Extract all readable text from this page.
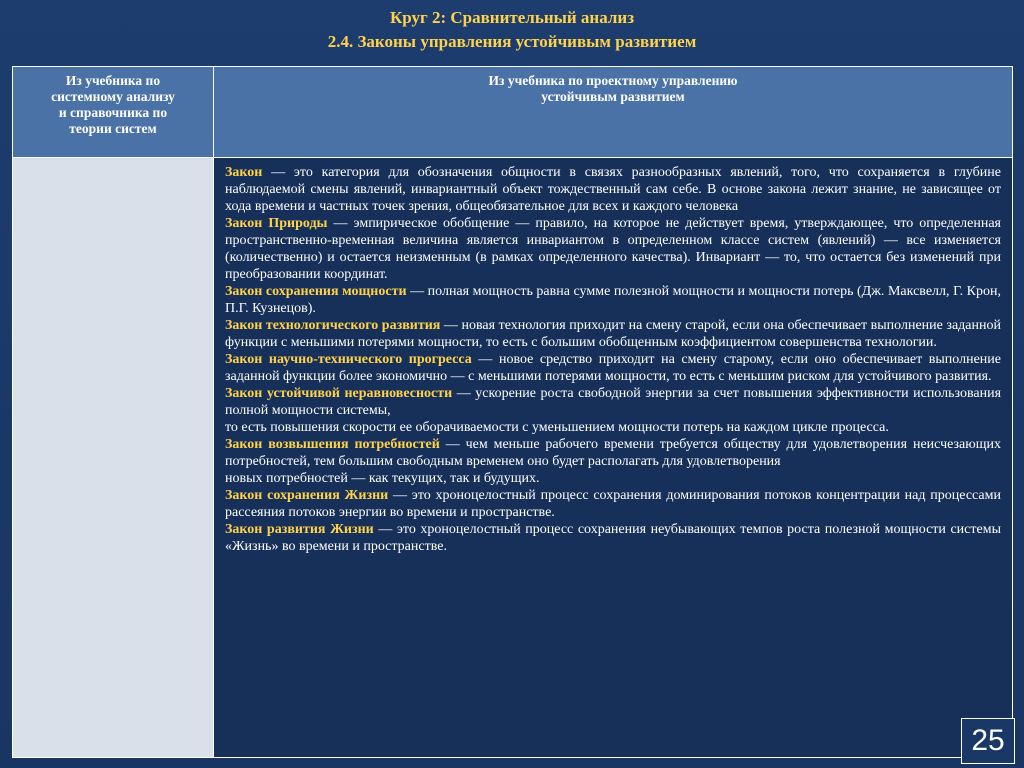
Круг 2: Сравнительный анализ
2.4. Законы управления устойчивым развитием
Из учебника по
системному анализу
и справочника по
теории систем
Из учебника по проектному управлению
устойчивым развитием

Закон — это категория для обозначения общности в связях разнообразных явлений, того, что сохраняется в глубине наблюдаемой смены явлений, инвариантный объект тождественный сам себе. В основе закона лежит знание, не зависящее от хода времени и частных точек зрения, общеобязательное для всех и каждого человека

Закон Природы — эмпирическое обобщение — правило, на которое не действует время, утверждающее, что определенная пространственно-временная величина является инвариантом в определенном классе систем (явлений) — все изменяется (количественно) и остается неизменным (в рамках определенного качества). Инвариант — то, что остается без изменений при преобразовании координат.

Закон сохранения мощности — полная мощность равна сумме полезной мощности и мощности потерь (Дж. Максвелл, Г. Крон, П.Г. Кузнецов).

Закон технологического развития — новая технология приходит на смену старой, если она обеспечивает выполнение заданной функции с меньшими потерями мощности, то есть с большим обобщенным коэффициентом совершенства технологии.

Закон научно-технического прогресса — новое средство приходит на смену старому, если оно обеспечивает выполнение заданной функции более экономично — с меньшими потерями мощности, то есть с меньшим риском для устойчивого развития.

Закон устойчивой неравновесности — ускорение роста свободной энергии за счет повышения эффективности использования полной мощности системы,

то есть повышения скорости ее оборачиваемости с уменьшением мощности потерь на каждом цикле процесса.

Закон возвышения потребностей — чем меньше рабочего времени требуется обществу для удовлетворения неисчезающих потребностей, тем большим свободным временем оно будет располагать для удовлетворения

новых потребностей — как текущих, так и будущих.

Закон сохранения Жизни — это хроноцелостный процесс сохранения доминирования потоков концентрации над процессами рассеяния потоков энергии во времени и пространстве.

Закон развития Жизни — это хроноцелостный процесс сохранения неубывающих темпов роста полезной мощности системы «Жизнь» во времени и пространстве.

25
